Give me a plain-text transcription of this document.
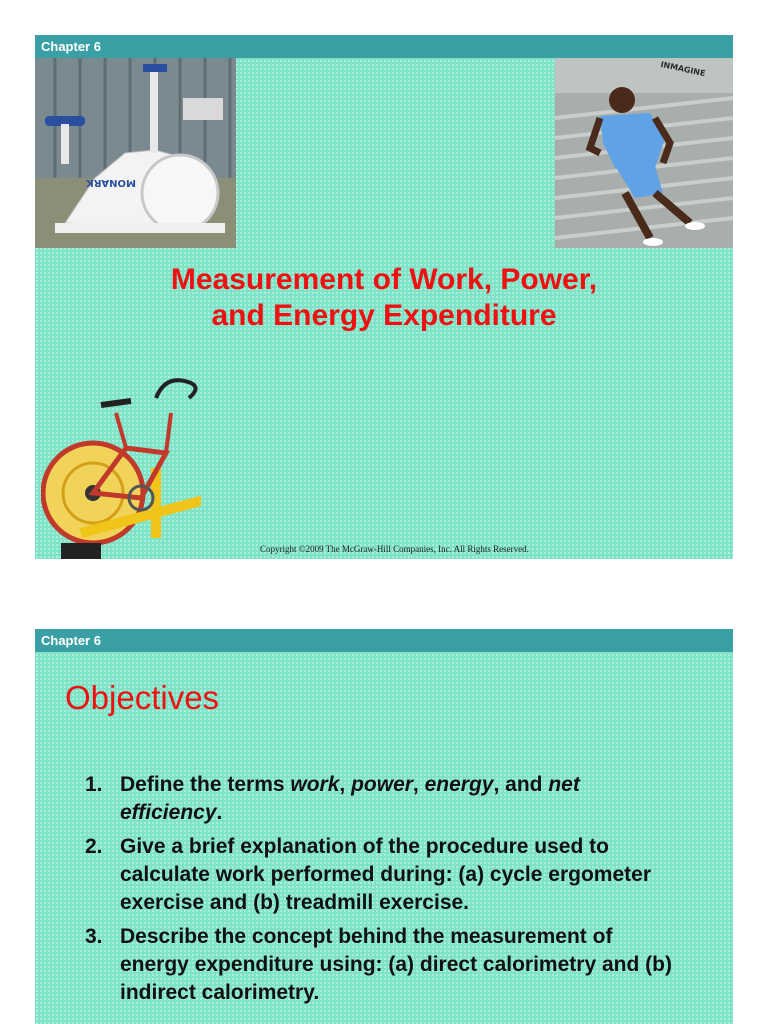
Chapter 6
MONARK
INMAGINE
Measurement of Work, Power,
and Energy Expenditure
Copyright ©2009 The McGraw-Hill Companies, Inc. All Rights Reserved.
Chapter 6
Objectives
1. Define the terms work, power, energy, and net efficiency.
2. Give a brief explanation of the procedure used to calculate work performed during: (a) cycle ergometer exercise and (b) treadmill exercise.
3. Describe the concept behind the measurement of energy expenditure using: (a) direct calorimetry and (b) indirect calorimetry.
